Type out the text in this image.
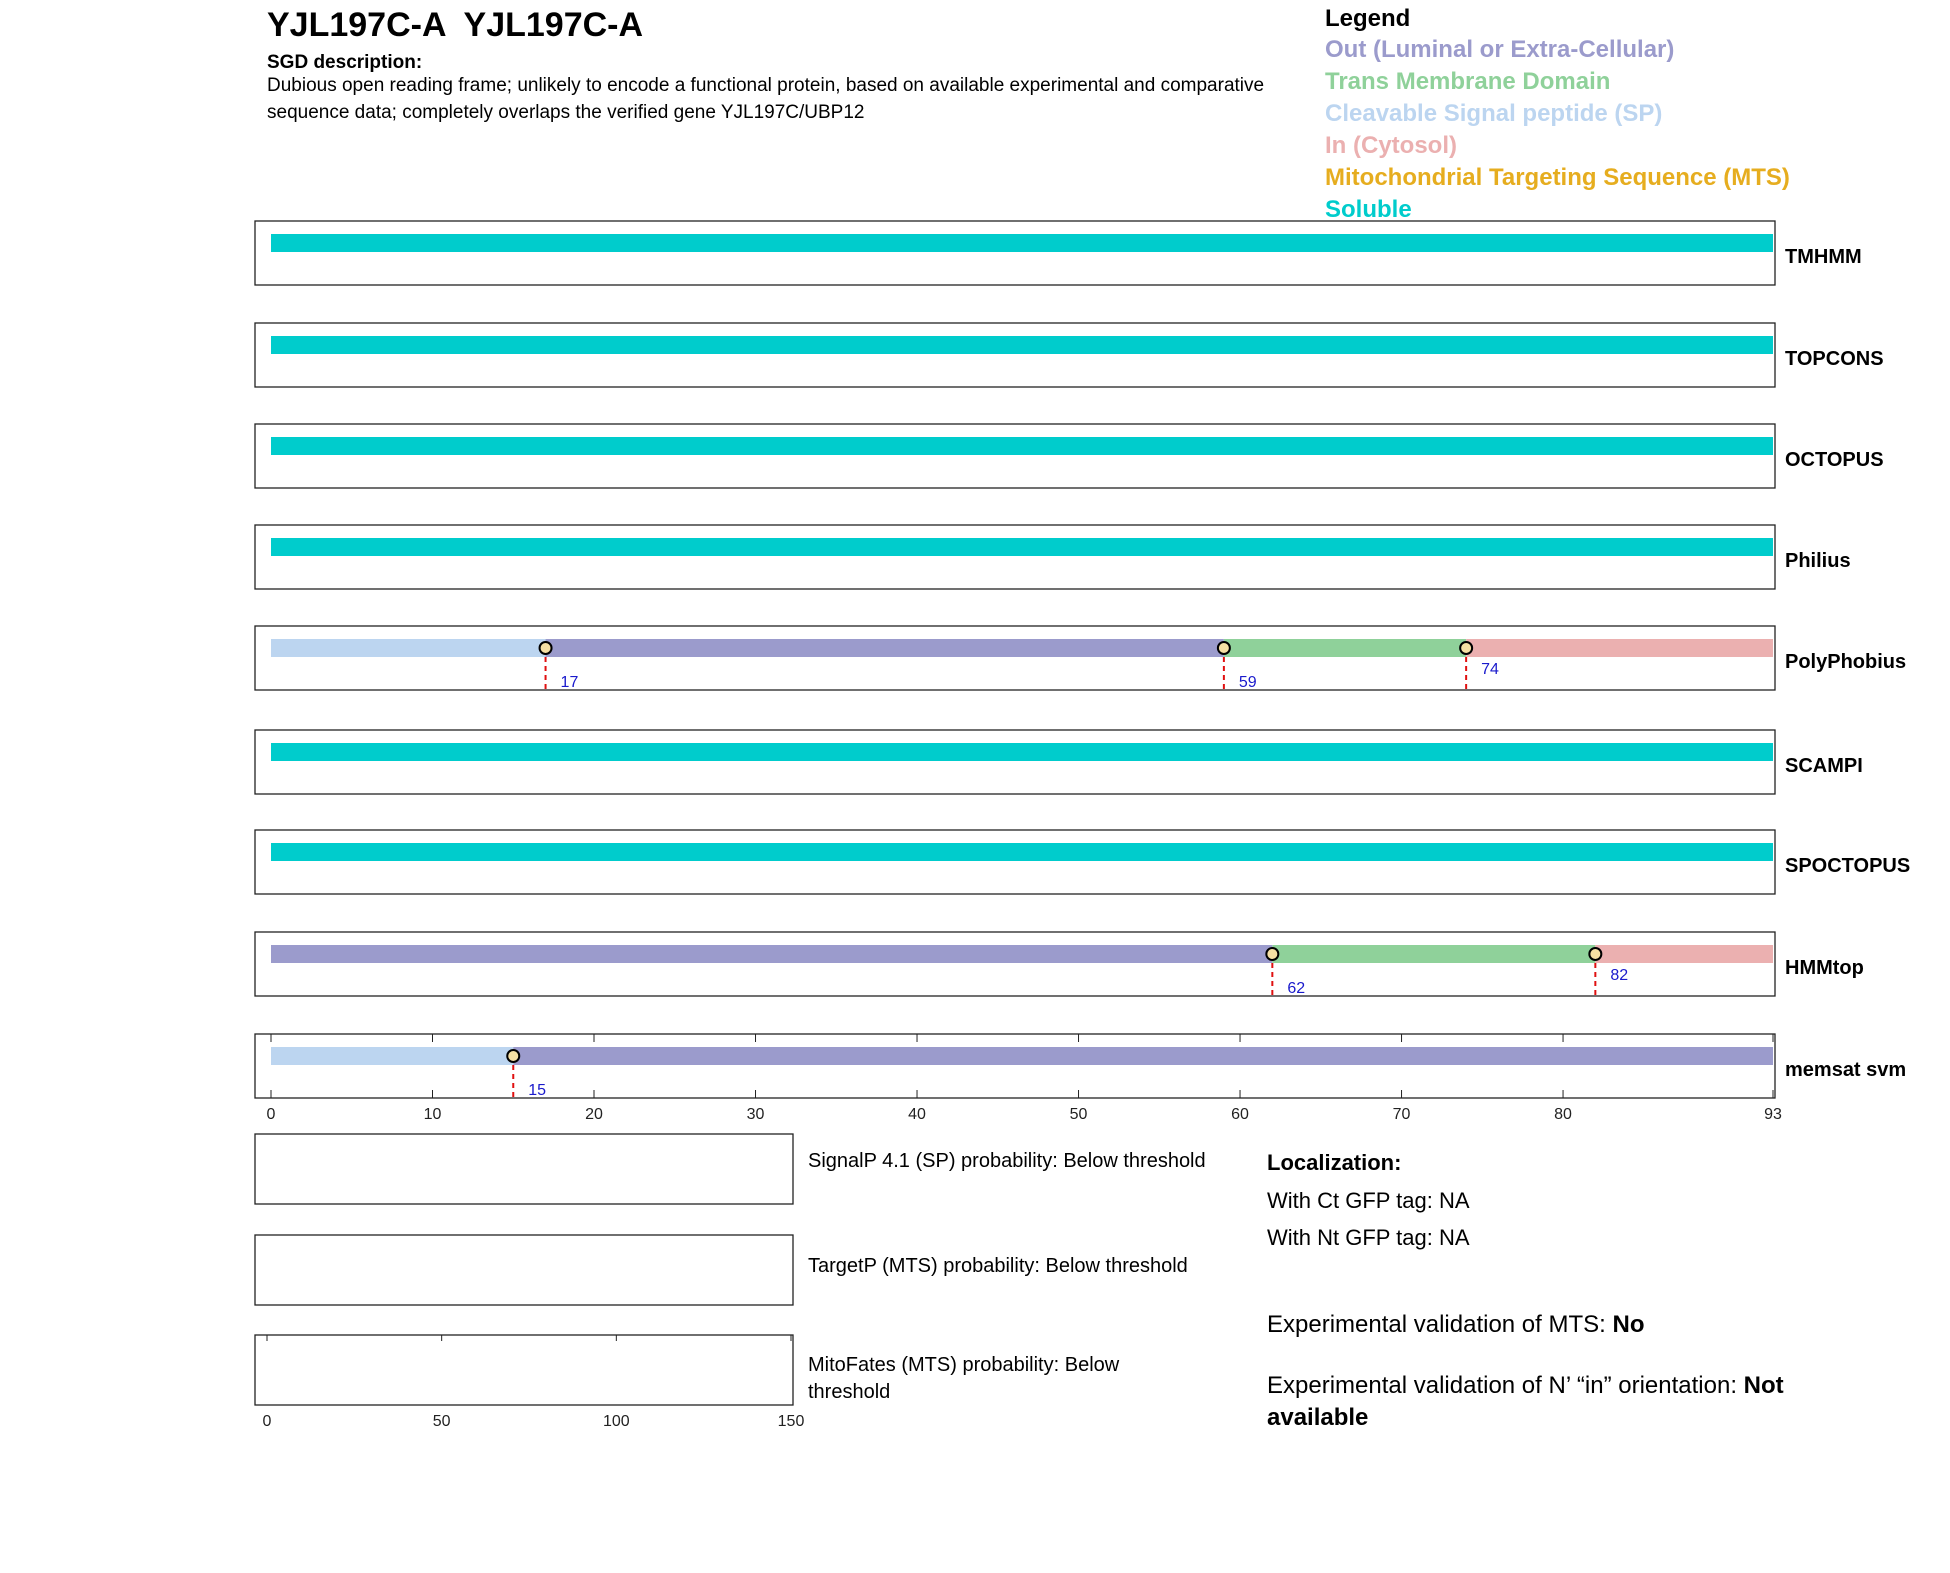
YJL197C-A  YJL197C-A
SGD description:
Dubious open reading frame; unlikely to encode a functional protein, based on available experimental and comparative sequence data; completely overlaps the verified gene YJL197C/UBP12
Legend
Out (Luminal or Extra-Cellular)
Trans Membrane Domain
Cleavable Signal peptide (SP)
In (Cytosol)
Mitochondrial Targeting Sequence (MTS)
Soluble
TMHMM
TOPCONS
OCTOPUS
Philius
17	59
74	PolyPhobius
SCAMPI
SPOCTOPUS
62
82	HMMtop
15
memsat svm
0	10	20	30	40	50	60	70	80	93
0	50	100	150
SignalP 4.1 (SP) probability: Below threshold
TargetP (MTS) probability: Below threshold
MitoFates (MTS) probability: Below threshold
Localization:
With Ct GFP tag: NA
With Nt GFP tag: NA
Experimental validation of MTS: No
Experimental validation of N’ “in” orientation: Not available
